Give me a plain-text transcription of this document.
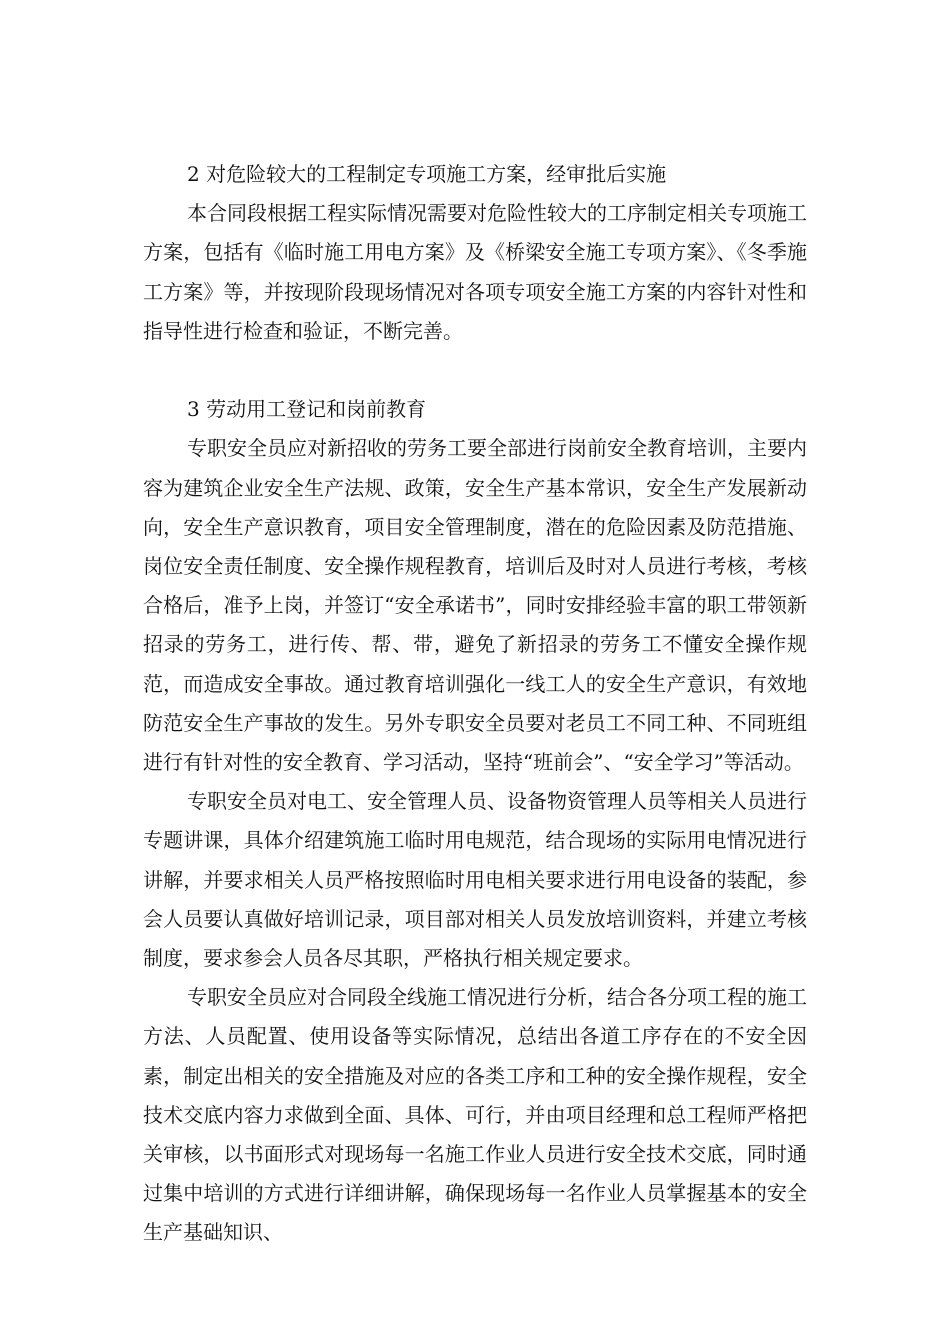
2 对危险较大的工程制定专项施工方案，经审批后实施

本合同段根据工程实际情况需要对危险性较大的工序制定相关专项施工方案，包括有《临时施工用电方案》及《桥梁安全施工专项方案》、《冬季施工方案》等，并按现阶段现场情况对各项专项安全施工方案的内容针对性和指导性进行检查和验证，不断完善。

3 劳动用工登记和岗前教育

专职安全员应对新招收的劳务工要全部进行岗前安全教育培训，主要内容为建筑企业安全生产法规、政策，安全生产基本常识，安全生产发展新动向，安全生产意识教育，项目安全管理制度，潜在的危险因素及防范措施、岗位安全责任制度、安全操作规程教育，培训后及时对人员进行考核，考核合格后，准予上岗，并签订“安全承诺书”，同时安排经验丰富的职工带领新招录的劳务工，进行传、帮、带，避免了新招录的劳务工不懂安全操作规范，而造成安全事故。通过教育培训强化一线工人的安全生产意识，有效地防范安全生产事故的发生。另外专职安全员要对老员工不同工种、不同班组进行有针对性的安全教育、学习活动，坚持“班前会”、“安全学习”等活动。

专职安全员对电工、安全管理人员、设备物资管理人员等相关人员进行专题讲课，具体介绍建筑施工临时用电规范，结合现场的实际用电情况进行讲解，并要求相关人员严格按照临时用电相关要求进行用电设备的装配，参会人员要认真做好培训记录，项目部对相关人员发放培训资料，并建立考核制度，要求参会人员各尽其职，严格执行相关规定要求。

专职安全员应对合同段全线施工情况进行分析，结合各分项工程的施工方法、人员配置、使用设备等实际情况，总结出各道工序存在的不安全因素，制定出相关的安全措施及对应的各类工序和工种的安全操作规程，安全技术交底内容力求做到全面、具体、可行，并由项目经理和总工程师严格把关审核，以书面形式对现场每一名施工作业人员进行安全技术交底，同时通过集中培训的方式进行详细讲解，确保现场每一名作业人员掌握基本的安全生产基础知识、
